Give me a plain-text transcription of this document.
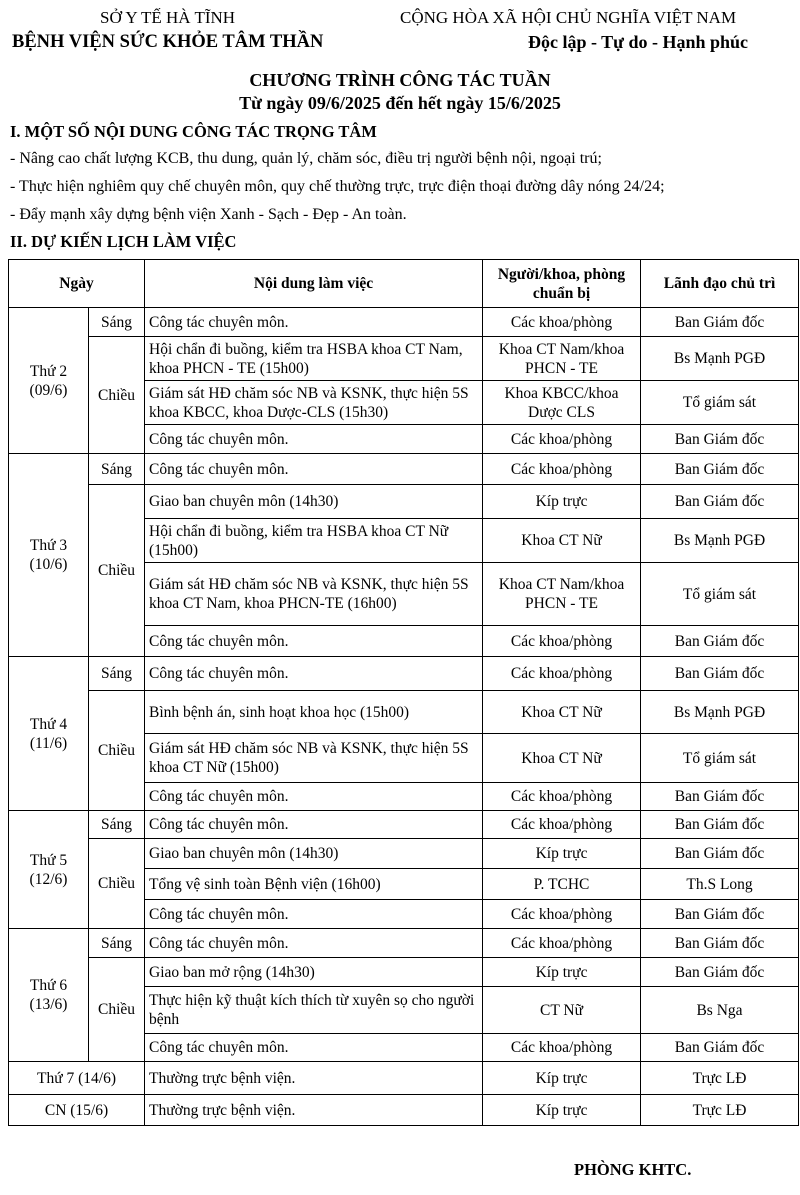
SỞ Y TẾ HÀ TĨNH
BỆNH VIỆN SỨC KHỎE TÂM THẦN
CỘNG HÒA XÃ HỘI CHỦ NGHĨA VIỆT NAM
Độc lập - Tự do - Hạnh phúc
CHƯƠNG TRÌNH CÔNG TÁC TUẦN
Từ ngày 09/6/2025 đến hết ngày 15/6/2025
I. MỘT SỐ NỘI DUNG CÔNG TÁC TRỌNG TÂM
- Nâng cao chất lượng KCB, thu dung, quản lý, chăm sóc, điều trị người bệnh nội, ngoại trú;
- Thực hiện nghiêm quy chế chuyên môn, quy chế thường trực, trực điện thoại đường dây nóng 24/24;
- Đẩy mạnh xây dựng bệnh viện Xanh - Sạch - Đẹp - An toàn.
II. DỰ KIẾN LỊCH LÀM VIỆC
Ngày		Nội dung làm việc	Người/khoa, phòng chuẩn bị	Lãnh đạo chủ trì
Thứ 2
(09/6)	Sáng	Công tác chuyên môn.	Các khoa/phòng	Ban Giám đốc
	Chiều	Hội chẩn đi buồng, kiểm tra HSBA khoa CT Nam, khoa PHCN - TE (15h00)	Khoa CT Nam/khoa PHCN - TE	Bs Mạnh PGĐ
		Giám sát HĐ chăm sóc NB và KSNK, thực hiện 5S khoa KBCC, khoa Dược-CLS (15h30)	Khoa KBCC/khoa Dược CLS	Tổ giám sát
		Công tác chuyên môn.	Các khoa/phòng	Ban Giám đốc
Thứ 3
(10/6)	Sáng	Công tác chuyên môn.	Các khoa/phòng	Ban Giám đốc
	Chiều	Giao ban chuyên môn (14h30)	Kíp trực	Ban Giám đốc
		Hội chẩn đi buồng, kiểm tra HSBA khoa CT Nữ (15h00)	Khoa CT Nữ	Bs Mạnh PGĐ
		Giám sát HĐ chăm sóc NB và KSNK, thực hiện 5S khoa CT Nam, khoa PHCN-TE (16h00)	Khoa CT Nam/khoa PHCN - TE	Tổ giám sát
		Công tác chuyên môn.	Các khoa/phòng	Ban Giám đốc
Thứ 4
(11/6)	Sáng	Công tác chuyên môn.	Các khoa/phòng	Ban Giám đốc
	Chiều	Bình bệnh án, sinh hoạt khoa học (15h00)	Khoa CT Nữ	Bs Mạnh PGĐ
		Giám sát HĐ chăm sóc NB và KSNK, thực hiện 5S khoa CT Nữ (15h00)	Khoa CT Nữ	Tổ giám sát
		Công tác chuyên môn.	Các khoa/phòng	Ban Giám đốc
Thứ 5
(12/6)	Sáng	Công tác chuyên môn.	Các khoa/phòng	Ban Giám đốc
	Chiều	Giao ban chuyên môn (14h30)	Kíp trực	Ban Giám đốc
		Tổng vệ sinh toàn Bệnh viện (16h00)	P. TCHC	Th.S Long
		Công tác chuyên môn.	Các khoa/phòng	Ban Giám đốc
Thứ 6
(13/6)	Sáng	Công tác chuyên môn.	Các khoa/phòng	Ban Giám đốc
	Chiều	Giao ban mở rộng (14h30)	Kíp trực	Ban Giám đốc
		Thực hiện kỹ thuật kích thích từ xuyên sọ cho người bệnh	CT Nữ	Bs Nga
		Công tác chuyên môn.	Các khoa/phòng	Ban Giám đốc
Thứ 7 (14/6)		Thường trực bệnh viện.	Kíp trực	Trực LĐ
CN (15/6)		Thường trực bệnh viện.	Kíp trực	Trực LĐ
PHÒNG KHTC.
